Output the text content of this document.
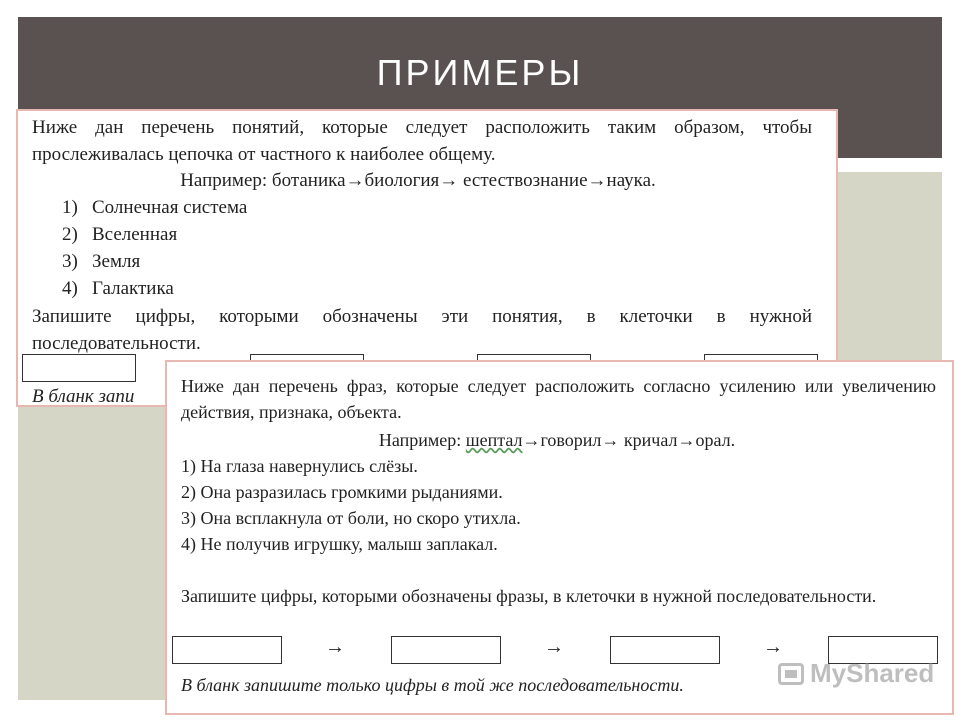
ПРИМЕРЫ
Ниже дан перечень понятий, которые следует расположить таким образом, чтобы прослеживалась цепочка от частного к наиболее общему.
Например: ботаника→биология→ естествознание→наука.
1) Солнечная система
2) Вселенная
3) Земля
4) Галактика
Запишите цифры, которыми обозначены эти понятия, в клеточки в нужной последовательности.
В бланк запи	Ниже дан перечень фраз, которые следует расположить согласно усилению или увеличению действия, признака, объекта.
Например: шептал→говорил→ кричал→орал.
1) На глаза навернулись слёзы.
2) Она разразилась громкими рыданиями.
3) Она всплакнула от боли, но скоро утихла.
4) Не получив игрушку, малыш заплакал.
Запишите цифры, которыми обозначены фразы, в клеточки в нужной последовательности.
→	→	→
В бланк запишите только цифры в той же последовательности.	MyShared
